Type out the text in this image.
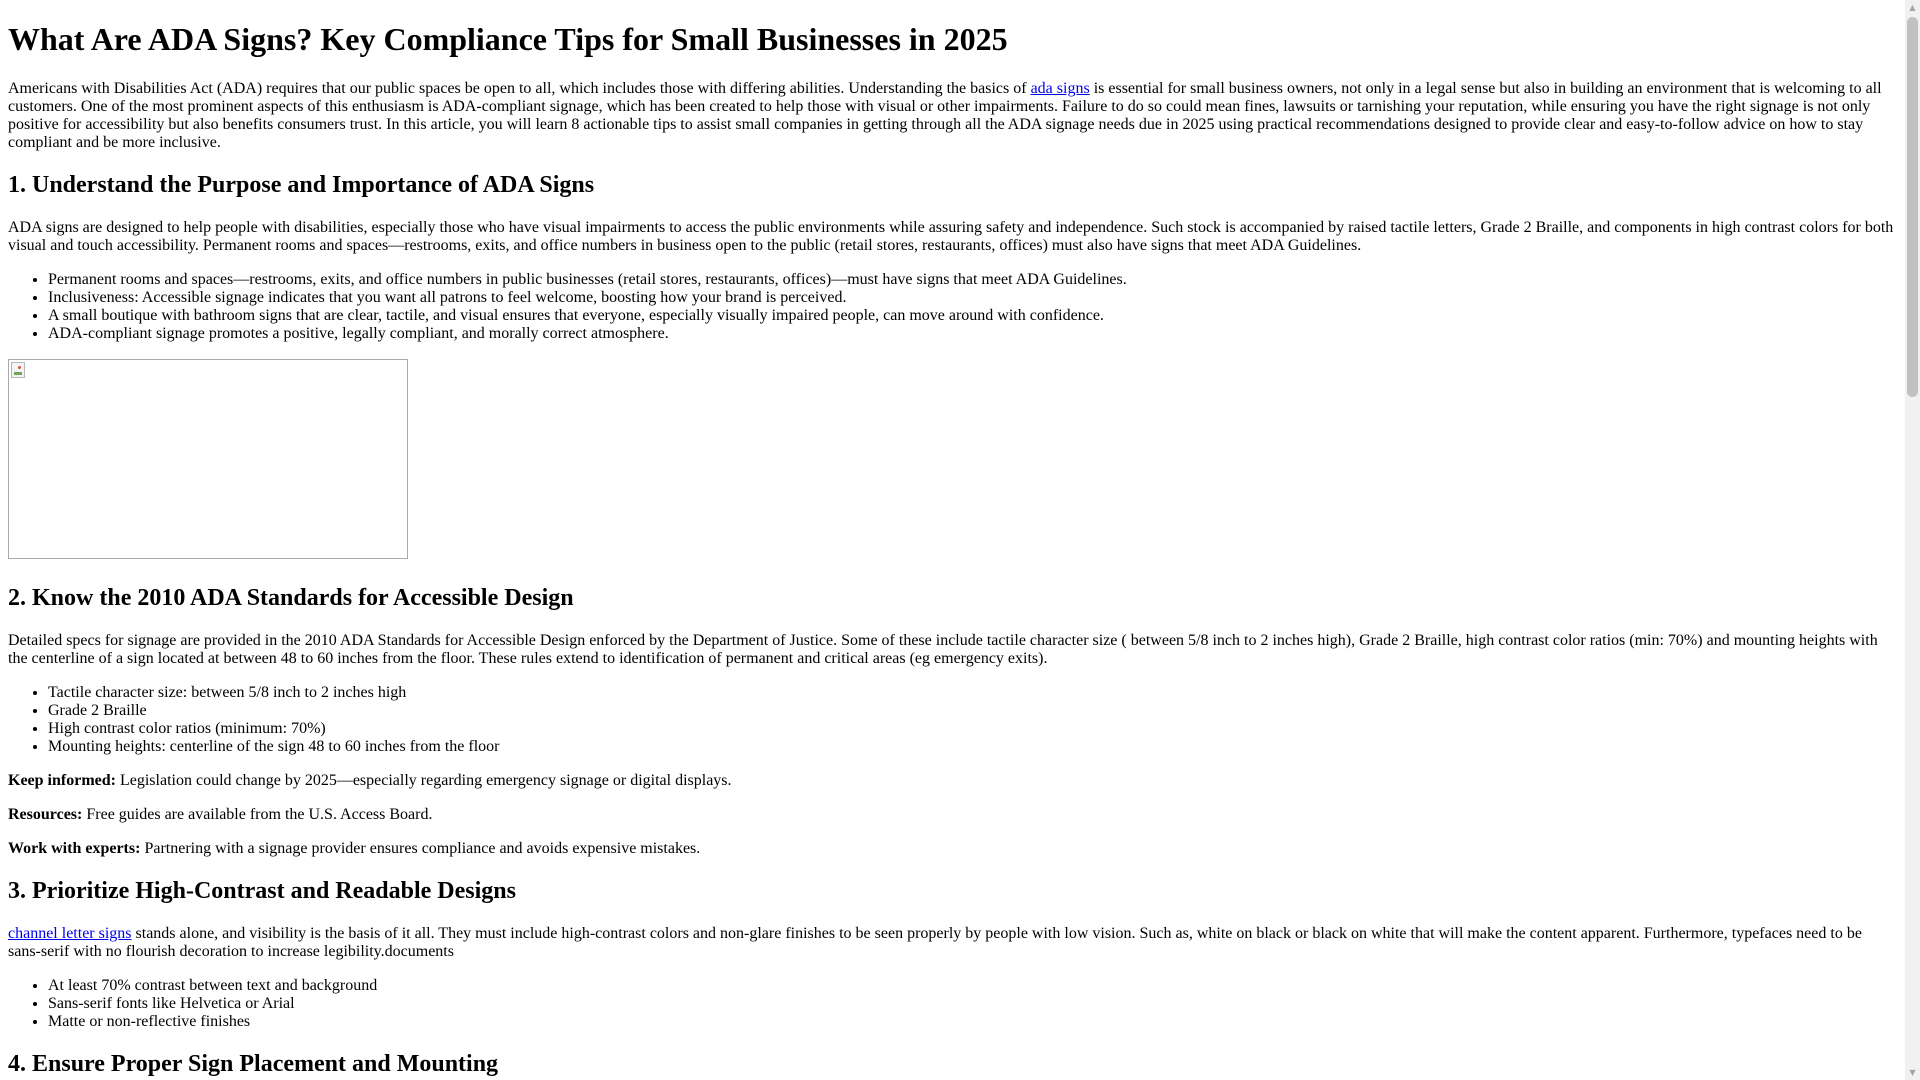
What Are ADA Signs? Key Compliance Tips for Small Businesses in 2025

Americans with Disabilities Act (ADA) requires that our public spaces be open to all, which includes those with differing abilities. Understanding the basics of ada signs is essential for small business owners, not only in a legal sense but also in building an environment that is welcoming to all customers. One of the most prominent aspects of this enthusiasm is ADA-compliant signage, which has been created to help those with visual or other impairments. Failure to do so could mean fines, lawsuits or tarnishing your reputation, while ensuring you have the right signage is not only positive for accessibility but also benefits consumers trust. In this article, you will learn 8 actionable tips to assist small companies in getting through all the ADA signage needs due in 2025 using practical recommendations designed to provide clear and easy-to-follow advice on how to stay compliant and be more inclusive.

1. Understand the Purpose and Importance of ADA Signs

ADA signs are designed to help people with disabilities, especially those who have visual impairments to access the public environments while assuring safety and independence. Such stock is accompanied by raised tactile letters, Grade 2 Braille, and components in high contrast colors for both visual and touch accessibility. Permanent rooms and spaces—restrooms, exits, and office numbers in business open to the public (retail stores, restaurants, offices) must also have signs that meet ADA Guidelines.

• Permanent rooms and spaces—restrooms, exits, and office numbers in public businesses (retail stores, restaurants, offices)—must have signs that meet ADA Guidelines.
• Inclusiveness: Accessible signage indicates that you want all patrons to feel welcome, boosting how your brand is perceived.
• A small boutique with bathroom signs that are clear, tactile, and visual ensures that everyone, especially visually impaired people, can move around with confidence.
• ADA-compliant signage promotes a positive, legally compliant, and morally correct atmosphere.
2. Know the 2010 ADA Standards for Accessible Design

Detailed specs for signage are provided in the 2010 ADA Standards for Accessible Design enforced by the Department of Justice. Some of these include tactile character size ( between 5/8 inch to 2 inches high), Grade 2 Braille, high contrast color ratios (min: 70%) and mounting heights with the centerline of a sign located at between 48 to 60 inches from the floor. These rules extend to identification of permanent and critical areas (eg emergency exits).

• Tactile character size: between 5/8 inch to 2 inches high
• Grade 2 Braille
• High contrast color ratios (minimum: 70%)
• Mounting heights: centerline of the sign 48 to 60 inches from the floor

Keep informed: Legislation could change by 2025—especially regarding emergency signage or digital displays.

Resources: Free guides are available from the U.S. Access Board.

Work with experts: Partnering with a signage provider ensures compliance and avoids expensive mistakes.

3. Prioritize High-Contrast and Readable Designs

channel letter signs stands alone, and visibility is the basis of it all. They must include high-contrast colors and non-glare finishes to be seen properly by people with low vision. Such as, white on black or black on white that will make the content apparent. Furthermore, typefaces need to be sans-serif with no flourish decoration to increase legibility.documents

• At least 70% contrast between text and background
• Sans-serif fonts like Helvetica or Arial
• Matte or non-reflective finishes
4. Ensure Proper Sign Placement and Mounting
▲
▼
